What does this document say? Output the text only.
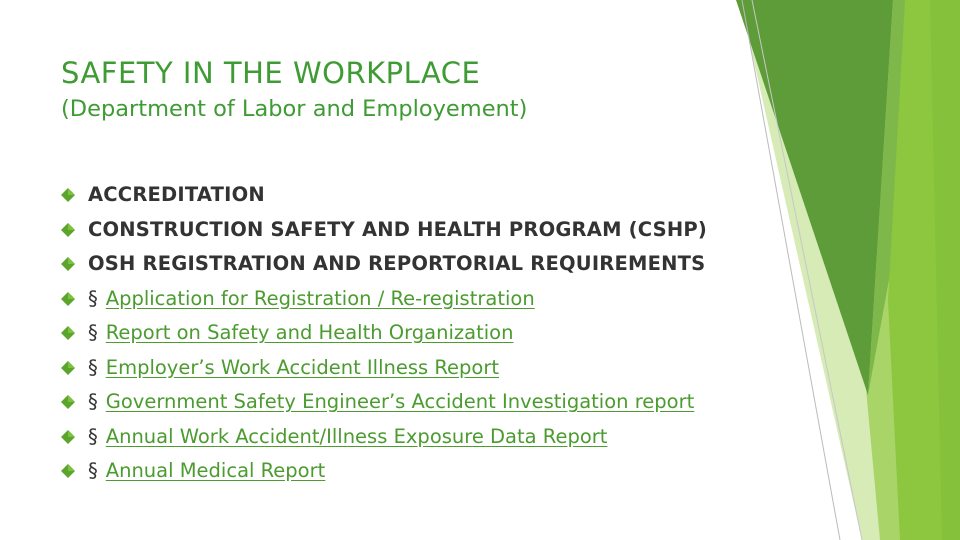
SAFETY IN THE WORKPLACE
(Department of Labor and Employement)
ACCREDITATION
CONSTRUCTION SAFETY AND HEALTH PROGRAM (CSHP)
OSH REGISTRATION AND REPORTORIAL REQUIREMENTS
§ Application for Registration / Re-registration
§ Report on Safety and Health Organization
§ Employer’s Work Accident Illness Report
§ Government Safety Engineer’s Accident Investigation report
§ Annual Work Accident/Illness Exposure Data Report
§ Annual Medical Report
